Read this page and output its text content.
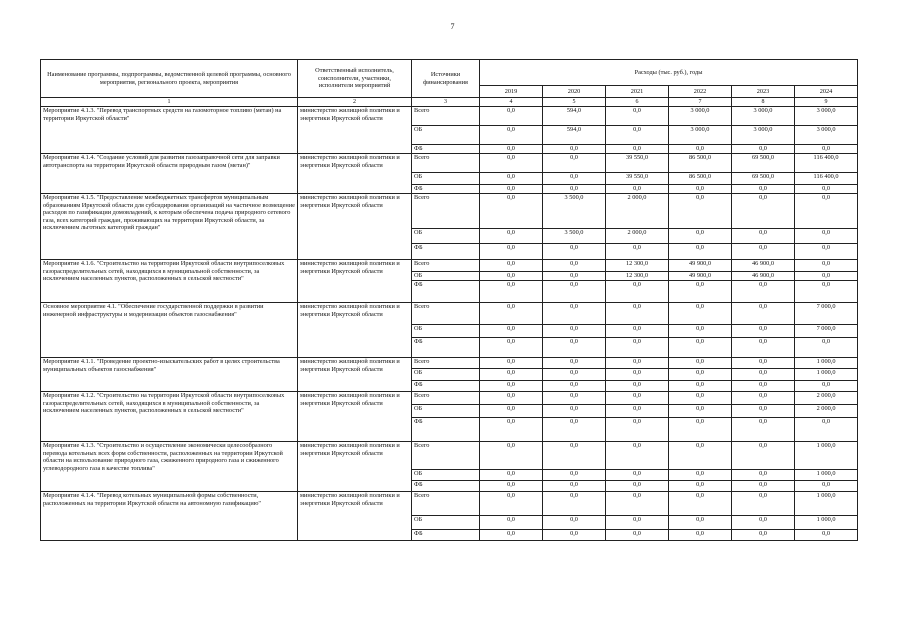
7
Наименование программы, подпрограммы, ведомственной целевой программы, основного мероприятия, регионального проекта, мероприятия	Ответственный исполнитель, соисполнители, участники, исполнители мероприятий	Источники финансирования	Расходы (тыс. руб.), годы					
			2019	2020	2021	2022	2023	2024
1	2	3	4	5	6	7	8	9
Мероприятие 4.1.3. "Перевод транспортных средств на газомоторное топливо (метан) на территории Иркутской области"	министерство жилищной политики и энергетики Иркутской области	Всего	0,0	594,0	0,0	3 000,0	3 000,0	3 000,0
		ОБ	0,0	594,0	0,0	3 000,0	3 000,0	3 000,0
		ФБ	0,0	0,0	0,0	0,0	0,0	0,0
Мероприятие 4.1.4. "Создание условий для развития газозаправочной сети для заправки автотранспорта на территории Иркутской области природным газом (метан)"	министерство жилищной политики и энергетики Иркутской области	Всего	0,0	0,0	39 550,0	86 500,0	69 500,0	116 400,0
		ОБ	0,0	0,0	39 550,0	86 500,0	69 500,0	116 400,0
		ФБ	0,0	0,0	0,0	0,0	0,0	0,0
Мероприятие 4.1.5. "Предоставление межбюджетных трансфертов муниципальным образованиям Иркутской области для субсидирования организаций на частичное возмещение расходов по газификации домовладений, к которым обеспечена подача природного сетевого газа, всех категорий граждан, проживающих на территории Иркутской области, за исключением льготных категорий граждан"	министерство жилищной политики и энергетики Иркутской области	Всего	0,0	3 500,0	2 000,0	0,0	0,0	0,0
		ОБ	0,0	3 500,0	2 000,0	0,0	0,0	0,0
		ФБ	0,0	0,0	0,0	0,0	0,0	0,0
Мероприятие 4.1.6. "Строительство на территории Иркутской области внутрипоселковых газораспределительных сетей, находящихся в муниципальной собственности, за исключением населенных пунктов, расположенных в сельской местности"	министерство жилищной политики и энергетики Иркутской области	Всего	0,0	0,0	12 300,0	49 900,0	46 900,0	0,0
		ОБ	0,0	0,0	12 300,0	49 900,0	46 900,0	0,0
		ФБ	0,0	0,0	0,0	0,0	0,0	0,0
Основное мероприятие 4.1. "Обеспечение государственной поддержки в развитии инженерной инфраструктуры и модернизации объектов газоснабжения"	министерство жилищной политики и энергетики Иркутской области	Всего	0,0	0,0	0,0	0,0	0,0	7 000,0
		ОБ	0,0	0,0	0,0	0,0	0,0	7 000,0
		ФБ	0,0	0,0	0,0	0,0	0,0	0,0
Мероприятие 4.1.1. "Проведение проектно-изыскательских работ в целях строительства муниципальных объектов газоснабжения"	министерство жилищной политики и энергетики Иркутской области	Всего	0,0	0,0	0,0	0,0	0,0	1 000,0
		ОБ	0,0	0,0	0,0	0,0	0,0	1 000,0
		ФБ	0,0	0,0	0,0	0,0	0,0	0,0
Мероприятие 4.1.2. "Строительство на территории Иркутской области внутрипоселковых газораспределительных сетей, находящихся в муниципальной собственности, за исключением населенных пунктов, расположенных в сельской местности"	министерство жилищной политики и энергетики Иркутской области	Всего	0,0	0,0	0,0	0,0	0,0	2 000,0
		ОБ	0,0	0,0	0,0	0,0	0,0	2 000,0
		ФБ	0,0	0,0	0,0	0,0	0,0	0,0
Мероприятие 4.1.3. "Строительство и осуществление экономически целесообразного перевода котельных всех форм собственности, расположенных на территории Иркутской области на использование природного газа, сжиженного природного газа и сжиженного углеводородного газа в качестве топлива"	министерство жилищной политики и энергетики Иркутской области	Всего	0,0	0,0	0,0	0,0	0,0	1 000,0
		ОБ	0,0	0,0	0,0	0,0	0,0	1 000,0
		ФБ	0,0	0,0	0,0	0,0	0,0	0,0
Мероприятие 4.1.4. "Перевод котельных муниципальной формы собственности, расположенных на территории Иркутской области на автономную газификацию"	министерство жилищной политики и энергетики Иркутской области	Всего	0,0	0,0	0,0	0,0	0,0	1 000,0
		ОБ	0,0	0,0	0,0	0,0	0,0	1 000,0
		ФБ	0,0	0,0	0,0	0,0	0,0	0,0
